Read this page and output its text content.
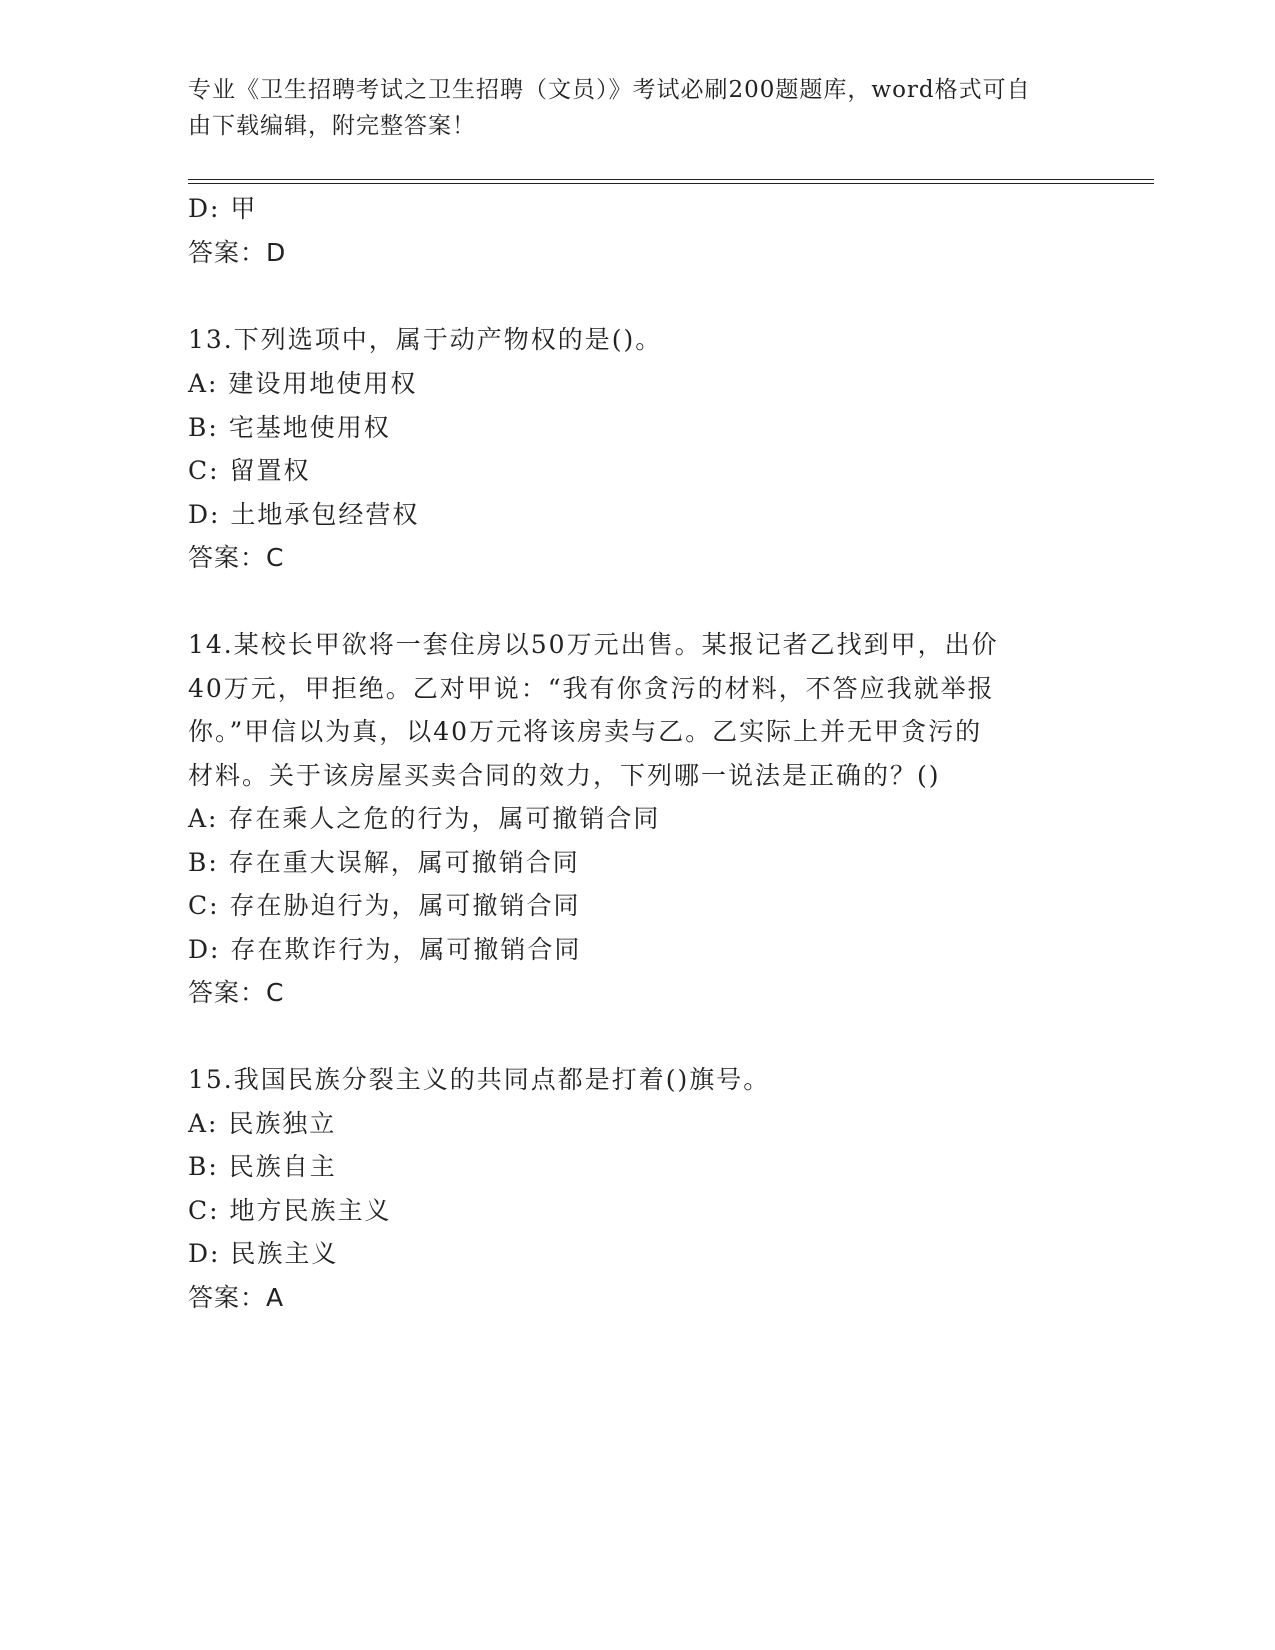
专业《卫生招聘考试之卫生招聘（文员）》考试必刷200题题库，word格式可自
由下载编辑，附完整答案！
D: 甲
答案：D
13.下列选项中，属于动产物权的是()。
A: 建设用地使用权
B: 宅基地使用权
C: 留置权
D: 土地承包经营权
答案：C
14.某校长甲欲将一套住房以50万元出售。某报记者乙找到甲，出价
40万元，甲拒绝。乙对甲说：“我有你贪污的材料，不答应我就举报
你。”甲信以为真，以40万元将该房卖与乙。乙实际上并无甲贪污的
材料。关于该房屋买卖合同的效力，下列哪一说法是正确的？()
A: 存在乘人之危的行为，属可撤销合同
B: 存在重大误解，属可撤销合同
C: 存在胁迫行为，属可撤销合同
D: 存在欺诈行为，属可撤销合同
答案：C
15.我国民族分裂主义的共同点都是打着()旗号。
A: 民族独立
B: 民族自主
C: 地方民族主义
D: 民族主义
答案：A
